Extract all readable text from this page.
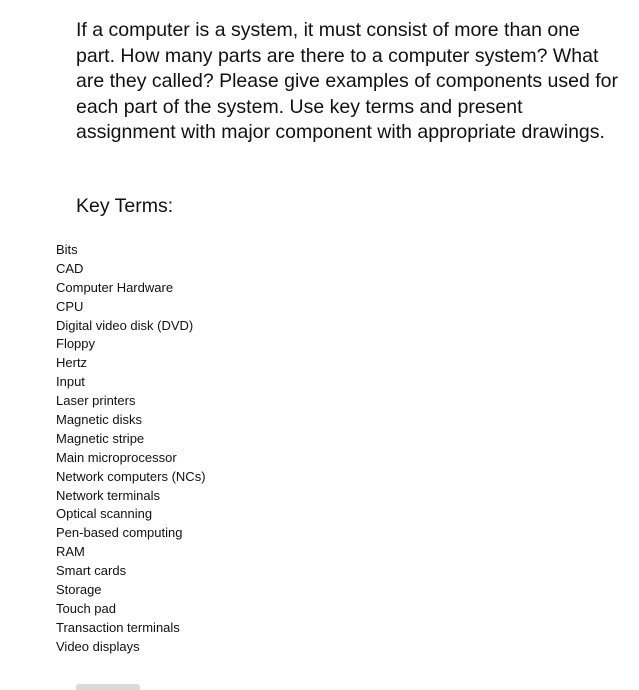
If a computer is a system, it must consist of more than one part. How many parts are there to a computer system? What are they called? Please give examples of components used for each part of the system. Use key terms and present assignment with major component with appropriate drawings.

Key Terms:
Bits
CAD
Computer Hardware
CPU
Digital video disk (DVD)
Floppy
Hertz
Input
Laser printers
Magnetic disks
Magnetic stripe
Main microprocessor
Network computers (NCs)
Network terminals
Optical scanning
Pen-based computing
RAM
Smart cards
Storage
Touch pad
Transaction terminals
Video displays
